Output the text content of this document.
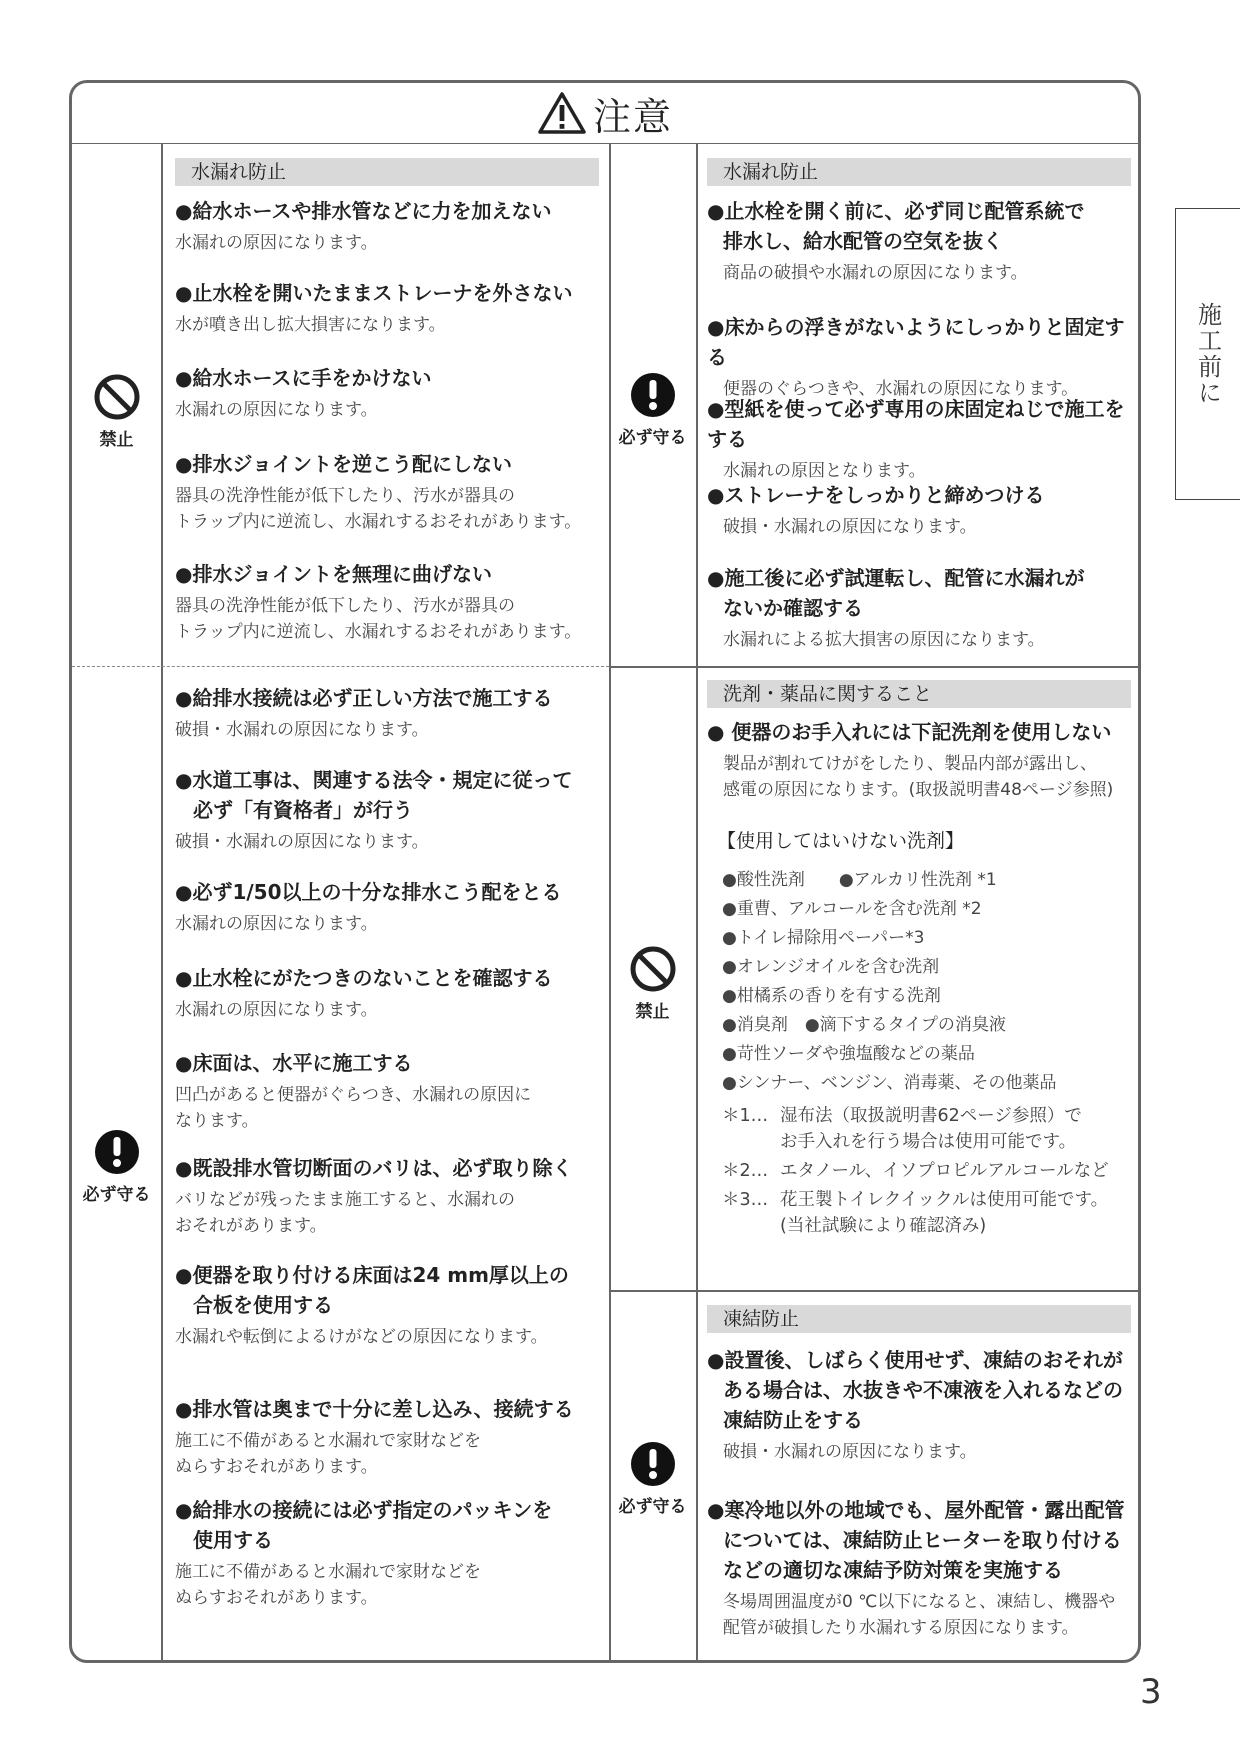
注意
禁止
必ず守る
必ず守る
禁止
必ず守る
水漏れ防止
●給水ホースや排水管などに力を加えない
水漏れの原因になります。
●止水栓を開いたままストレーナを外さない
水が噴き出し拡大損害になります。
●給水ホースに手をかけない
水漏れの原因になります。
●排水ジョイントを逆こう配にしない
器具の洗浄性能が低下したり、汚水が器具の
トラップ内に逆流し、水漏れするおそれがあります。
●排水ジョイントを無理に曲げない
器具の洗浄性能が低下したり、汚水が器具の
トラップ内に逆流し、水漏れするおそれがあります。
●給排水接続は必ず正しい方法で施工する
破損・水漏れの原因になります。
●水道工事は、関連する法令・規定に従って
必ず「有資格者」が行う
破損・水漏れの原因になります。
●必ず1/50以上の十分な排水こう配をとる
水漏れの原因になります。
●止水栓にがたつきのないことを確認する
水漏れの原因になります。
●床面は、水平に施工する
凹凸があると便器がぐらつき、水漏れの原因に
なります。
●既設排水管切断面のバリは、必ず取り除く
バリなどが残ったまま施工すると、水漏れの
おそれがあります。
●便器を取り付ける床面は24 mm厚以上の
合板を使用する
水漏れや転倒によるけがなどの原因になります。
●排水管は奥まで十分に差し込み、接続する
施工に不備があると水漏れで家財などを
ぬらすおそれがあります。
●給排水の接続には必ず指定のパッキンを
使用する
施工に不備があると水漏れで家財などを
ぬらすおそれがあります。
水漏れ防止
●止水栓を開く前に、必ず同じ配管系統で
排水し、給水配管の空気を抜く
商品の破損や水漏れの原因になります。
●床からの浮きがないようにしっかりと固定する
便器のぐらつきや、水漏れの原因になります。
●型紙を使って必ず専用の床固定ねじで施工をする
水漏れの原因となります。
●ストレーナをしっかりと締めつける
破損・水漏れの原因になります。
●施工後に必ず試運転し、配管に水漏れが
ないか確認する
水漏れによる拡大損害の原因になります。
洗剤・薬品に関すること
● 便器のお手入れには下記洗剤を使用しない
製品が割れてけがをしたり、製品内部が露出し、
感電の原因になります。(取扱説明書48ページ参照)
【使用してはいけない洗剤】
●酸性洗剤　　●アルカリ性洗剤 *1
●重曹、アルコールを含む洗剤 *2
●トイレ掃除用ペーパー*3
●オレンジオイルを含む洗剤
●柑橘系の香りを有する洗剤
●消臭剤　●滴下するタイプの消臭液
●苛性ソーダや強塩酸などの薬品
●シンナー、ベンジン、消毒薬、その他薬品
＊1… 湿布法（取扱説明書62ページ参照）で
お手入れを行う場合は使用可能です。
＊2… エタノール、イソプロピルアルコールなど
＊3… 花王製トイレクイックルは使用可能です。
(当社試験により確認済み)
凍結防止
●設置後、しばらく使用せず、凍結のおそれが
ある場合は、水抜きや不凍液を入れるなどの
凍結防止をする
破損・水漏れの原因になります。
●寒冷地以外の地域でも、屋外配管・露出配管
については、凍結防止ヒーターを取り付ける
などの適切な凍結予防対策を実施する
冬場周囲温度が0 ℃以下になると、凍結し、機器や
配管が破損したり水漏れする原因になります。
施工前に
3
